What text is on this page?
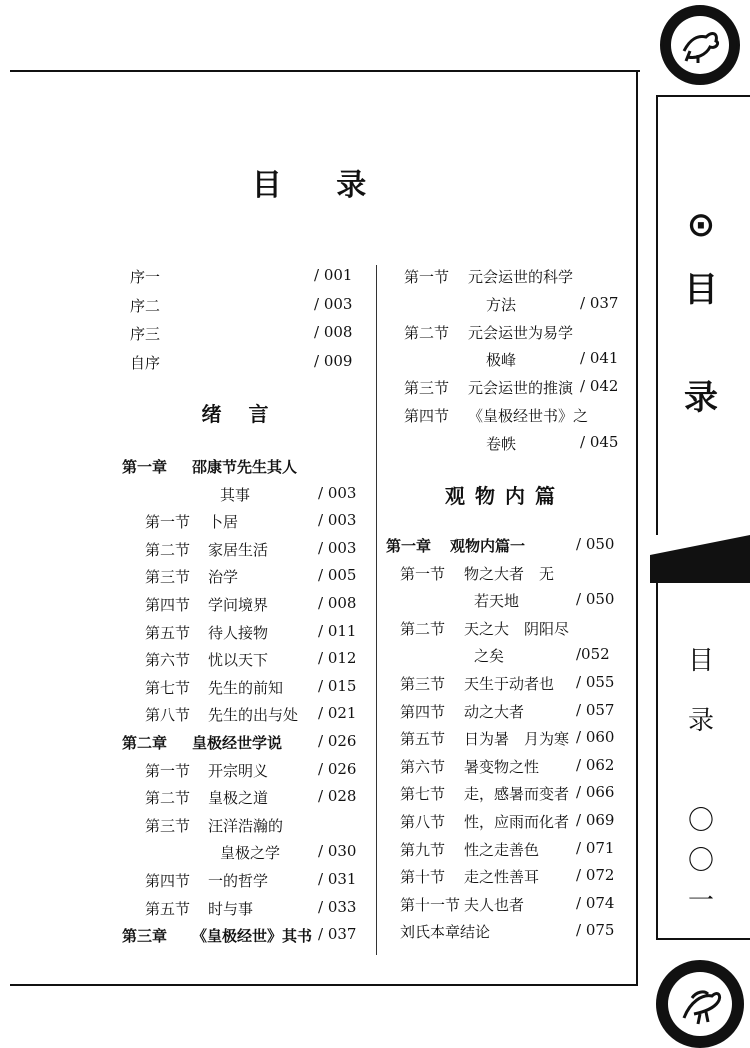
⊙
目
录
目
录
〇
〇
一
目 录
序一	/ 001
序二	/ 003
序三	/ 008
自序	/ 009
绪 言
第一章 邵康节先生其人
其事	/ 003
第一节 卜居	/ 003
第二节 家居生活	/ 003
第三节 治学	/ 005
第四节 学问境界	/ 008
第五节 待人接物	/ 011
第六节 忧以天下	/ 012
第七节 先生的前知 / 015
第八节 先生的出与处 / 021
第二章 皇极经世学说 / 026
第一节 开宗明义	/ 026
第二节 皇极之道	/ 028
第三节 汪洋浩瀚的
皇极之学	/ 030
第四节 一的哲学	/ 031
第五节 时与事	/ 033
第三章 《皇极经世》其书 / 037
第一节 元会运世的科学
方法	/ 037
第二节 元会运世为易学
极峰	/ 041
第三节 元会运世的推演 / 042
第四节 《皇极经世书》之
卷帙	/ 045
观物内篇
第一章 观物内篇一	/ 050
第一节 物之大者　无
若天地	/ 050
第二节 天之大　阴阳尽
之矣	/052
第三节 天生于动者也 / 055
第四节 动之大者	/ 057
第五节 日为暑　月为寒 / 060
第六节 暑变物之性 / 062
第七节 走，感暑而变者 / 066
第八节 性，应雨而化者 / 069
第九节 性之走善色 / 071
第十节 走之性善耳 / 072
第十一节 夫人也者	/ 074
刘氏本章结论	/ 075
